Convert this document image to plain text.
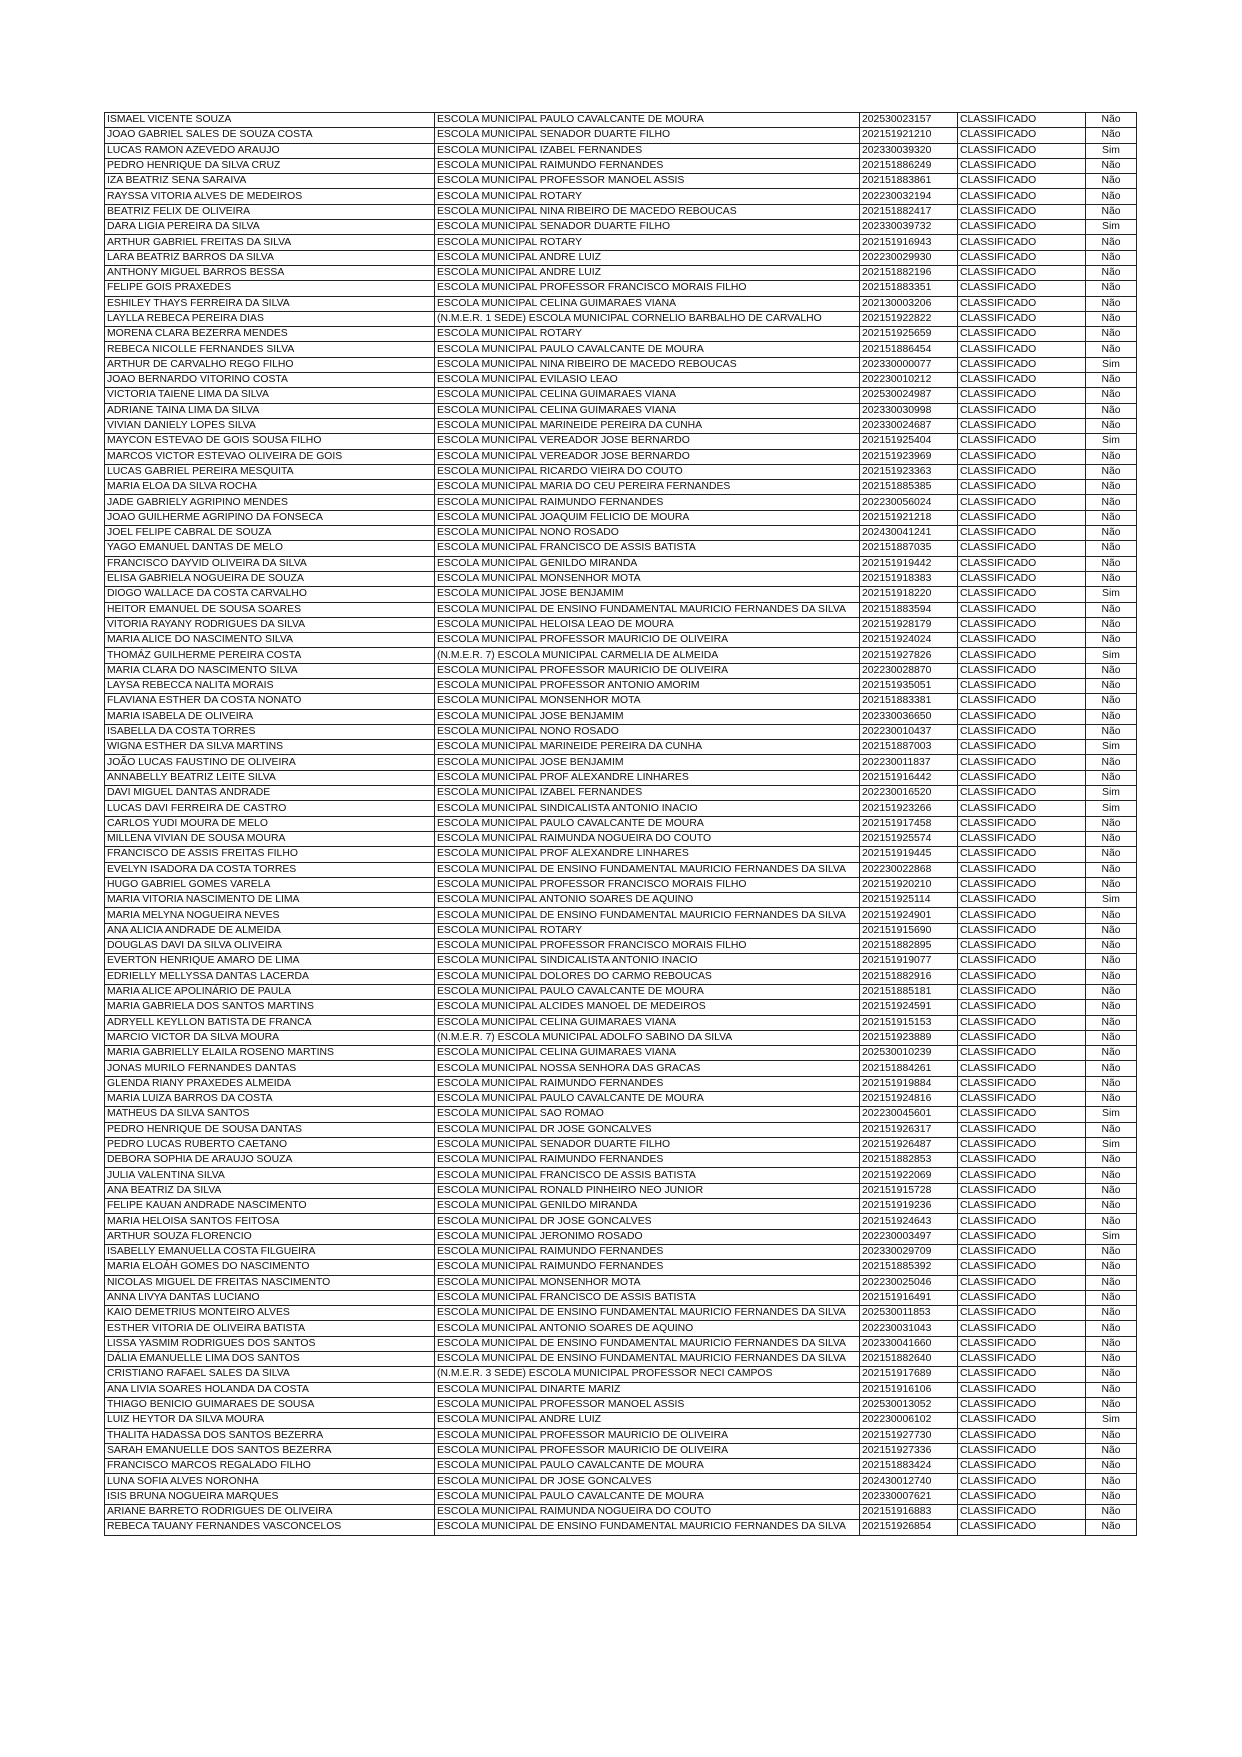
ISMAEL VICENTE SOUZA	ESCOLA MUNICIPAL PAULO CAVALCANTE DE MOURA	202530023157	CLASSIFICADO	Não
JOAO GABRIEL SALES DE SOUZA COSTA	ESCOLA MUNICIPAL SENADOR DUARTE FILHO	202151921210	CLASSIFICADO	Não
LUCAS RAMON AZEVEDO ARAUJO	ESCOLA MUNICIPAL IZABEL FERNANDES	202330039320	CLASSIFICADO	Sim
PEDRO HENRIQUE DA SILVA CRUZ	ESCOLA MUNICIPAL RAIMUNDO FERNANDES	202151886249	CLASSIFICADO	Não
IZA BEATRIZ SENA SARAIVA	ESCOLA MUNICIPAL PROFESSOR MANOEL ASSIS	202151883861	CLASSIFICADO	Não
RAYSSA VITORIA ALVES DE MEDEIROS	ESCOLA MUNICIPAL ROTARY	202230032194	CLASSIFICADO	Não
BEATRIZ FELIX DE OLIVEIRA	ESCOLA MUNICIPAL NINA RIBEIRO DE MACEDO REBOUCAS	202151882417	CLASSIFICADO	Não
DARA LIGIA PEREIRA DA SILVA	ESCOLA MUNICIPAL SENADOR DUARTE FILHO	202330039732	CLASSIFICADO	Sim
ARTHUR GABRIEL FREITAS DA SILVA	ESCOLA MUNICIPAL ROTARY	202151916943	CLASSIFICADO	Não
LARA BEATRIZ BARROS DA SILVA	ESCOLA MUNICIPAL ANDRE LUIZ	202230029930	CLASSIFICADO	Não
ANTHONY MIGUEL BARROS BESSA	ESCOLA MUNICIPAL ANDRE LUIZ	202151882196	CLASSIFICADO	Não
FELIPE GOIS PRAXEDES	ESCOLA MUNICIPAL PROFESSOR FRANCISCO MORAIS FILHO	202151883351	CLASSIFICADO	Não
ESHILEY THAYS FERREIRA DA SILVA	ESCOLA MUNICIPAL CELINA GUIMARAES VIANA	202130003206	CLASSIFICADO	Não
LAYLLA REBECA PEREIRA DIAS	(N.M.E.R. 1 SEDE) ESCOLA MUNICIPAL CORNELIO BARBALHO DE CARVALHO	202151922822	CLASSIFICADO	Não
MORENA CLARA BEZERRA MENDES	ESCOLA MUNICIPAL ROTARY	202151925659	CLASSIFICADO	Não
REBECA NICOLLE FERNANDES SILVA	ESCOLA MUNICIPAL PAULO CAVALCANTE DE MOURA	202151886454	CLASSIFICADO	Não
ARTHUR DE CARVALHO REGO FILHO	ESCOLA MUNICIPAL NINA RIBEIRO DE MACEDO REBOUCAS	202330000077	CLASSIFICADO	Sim
JOAO BERNARDO VITORINO COSTA	ESCOLA MUNICIPAL EVILASIO LEAO	202230010212	CLASSIFICADO	Não
VICTORIA TAIENE LIMA DA SILVA	ESCOLA MUNICIPAL CELINA GUIMARAES VIANA	202530024987	CLASSIFICADO	Não
ADRIANE TAINA LIMA DA SILVA	ESCOLA MUNICIPAL CELINA GUIMARAES VIANA	202330030998	CLASSIFICADO	Não
VIVIAN DANIELY LOPES SILVA	ESCOLA MUNICIPAL MARINEIDE PEREIRA DA CUNHA	202330024687	CLASSIFICADO	Não
MAYCON ESTEVAO DE GOIS SOUSA FILHO	ESCOLA MUNICIPAL VEREADOR JOSE BERNARDO	202151925404	CLASSIFICADO	Sim
MARCOS VICTOR ESTEVAO OLIVEIRA DE GOIS	ESCOLA MUNICIPAL VEREADOR JOSE BERNARDO	202151923969	CLASSIFICADO	Não
LUCAS GABRIEL PEREIRA MESQUITA	ESCOLA MUNICIPAL RICARDO VIEIRA DO COUTO	202151923363	CLASSIFICADO	Não
MARIA ELOA DA SILVA ROCHA	ESCOLA MUNICIPAL MARIA DO CEU PEREIRA FERNANDES	202151885385	CLASSIFICADO	Não
JADE GABRIELY AGRIPINO MENDES	ESCOLA MUNICIPAL RAIMUNDO FERNANDES	202230056024	CLASSIFICADO	Não
JOAO GUILHERME AGRIPINO DA FONSECA	ESCOLA MUNICIPAL JOAQUIM FELICIO DE MOURA	202151921218	CLASSIFICADO	Não
JOEL FELIPE CABRAL DE SOUZA	ESCOLA MUNICIPAL NONO ROSADO	202430041241	CLASSIFICADO	Não
YAGO EMANUEL DANTAS DE MELO	ESCOLA MUNICIPAL FRANCISCO DE ASSIS BATISTA	202151887035	CLASSIFICADO	Não
FRANCISCO DAYVID OLIVEIRA DA SILVA	ESCOLA MUNICIPAL GENILDO MIRANDA	202151919442	CLASSIFICADO	Não
ELISA GABRIELA NOGUEIRA DE SOUZA	ESCOLA MUNICIPAL MONSENHOR MOTA	202151918383	CLASSIFICADO	Não
DIOGO WALLACE DA COSTA CARVALHO	ESCOLA MUNICIPAL JOSE BENJAMIM	202151918220	CLASSIFICADO	Sim
HEITOR EMANUEL DE SOUSA SOARES	ESCOLA MUNICIPAL DE ENSINO FUNDAMENTAL MAURICIO FERNANDES DA SILVA	202151883594	CLASSIFICADO	Não
VITORIA RAYANY RODRIGUES DA SILVA	ESCOLA MUNICIPAL HELOISA LEAO DE MOURA	202151928179	CLASSIFICADO	Não
MARIA ALICE DO NASCIMENTO SILVA	ESCOLA MUNICIPAL PROFESSOR MAURICIO DE OLIVEIRA	202151924024	CLASSIFICADO	Não
THOMÁZ GUILHERME PEREIRA COSTA	(N.M.E.R. 7) ESCOLA MUNICIPAL CARMELIA DE ALMEIDA	202151927826	CLASSIFICADO	Sim
MARIA CLARA DO NASCIMENTO SILVA	ESCOLA MUNICIPAL PROFESSOR MAURICIO DE OLIVEIRA	202230028870	CLASSIFICADO	Não
LAYSA REBECCA NALITA MORAIS	ESCOLA MUNICIPAL PROFESSOR ANTONIO AMORIM	202151935051	CLASSIFICADO	Não
FLAVIANA ESTHER DA COSTA NONATO	ESCOLA MUNICIPAL MONSENHOR MOTA	202151883381	CLASSIFICADO	Não
MARIA ISABELA DE OLIVEIRA	ESCOLA MUNICIPAL JOSE BENJAMIM	202330036650	CLASSIFICADO	Não
ISABELLA DA COSTA TORRES	ESCOLA MUNICIPAL NONO ROSADO	202230010437	CLASSIFICADO	Não
WIGNA ESTHER DA SILVA MARTINS	ESCOLA MUNICIPAL MARINEIDE PEREIRA DA CUNHA	202151887003	CLASSIFICADO	Sim
JOÃO LUCAS FAUSTINO DE OLIVEIRA	ESCOLA MUNICIPAL JOSE BENJAMIM	202230011837	CLASSIFICADO	Não
ANNABELLY BEATRIZ LEITE SILVA	ESCOLA MUNICIPAL PROF ALEXANDRE LINHARES	202151916442	CLASSIFICADO	Não
DAVI MIGUEL DANTAS ANDRADE	ESCOLA MUNICIPAL IZABEL FERNANDES	202230016520	CLASSIFICADO	Sim
LUCAS DAVI FERREIRA DE CASTRO	ESCOLA MUNICIPAL SINDICALISTA ANTONIO INACIO	202151923266	CLASSIFICADO	Sim
CARLOS YUDI MOURA DE MELO	ESCOLA MUNICIPAL PAULO CAVALCANTE DE MOURA	202151917458	CLASSIFICADO	Não
MILLENA VIVIAN DE SOUSA MOURA	ESCOLA MUNICIPAL RAIMUNDA NOGUEIRA DO COUTO	202151925574	CLASSIFICADO	Não
FRANCISCO DE ASSIS FREITAS FILHO	ESCOLA MUNICIPAL PROF ALEXANDRE LINHARES	202151919445	CLASSIFICADO	Não
EVELYN ISADORA DA COSTA TORRES	ESCOLA MUNICIPAL DE ENSINO FUNDAMENTAL MAURICIO FERNANDES DA SILVA	202230022868	CLASSIFICADO	Não
HUGO GABRIEL GOMES VARELA	ESCOLA MUNICIPAL PROFESSOR FRANCISCO MORAIS FILHO	202151920210	CLASSIFICADO	Não
MARIA VITORIA NASCIMENTO DE LIMA	ESCOLA MUNICIPAL ANTONIO SOARES DE AQUINO	202151925114	CLASSIFICADO	Sim
MARIA MELYNA NOGUEIRA NEVES	ESCOLA MUNICIPAL DE ENSINO FUNDAMENTAL MAURICIO FERNANDES DA SILVA	202151924901	CLASSIFICADO	Não
ANA ALICIA ANDRADE DE ALMEIDA	ESCOLA MUNICIPAL ROTARY	202151915690	CLASSIFICADO	Não
DOUGLAS DAVI DA SILVA OLIVEIRA	ESCOLA MUNICIPAL PROFESSOR FRANCISCO MORAIS FILHO	202151882895	CLASSIFICADO	Não
EVERTON HENRIQUE AMARO DE LIMA	ESCOLA MUNICIPAL SINDICALISTA ANTONIO INACIO	202151919077	CLASSIFICADO	Não
EDRIELLY MELLYSSA DANTAS LACERDA	ESCOLA MUNICIPAL DOLORES DO CARMO REBOUCAS	202151882916	CLASSIFICADO	Não
MARIA ALICE APOLINÁRIO DE PAULA	ESCOLA MUNICIPAL PAULO CAVALCANTE DE MOURA	202151885181	CLASSIFICADO	Não
MARIA GABRIELA DOS SANTOS MARTINS	ESCOLA MUNICIPAL ALCIDES MANOEL DE MEDEIROS	202151924591	CLASSIFICADO	Não
ADRYELL KEYLLON BATISTA DE FRANCA	ESCOLA MUNICIPAL CELINA GUIMARAES VIANA	202151915153	CLASSIFICADO	Não
MARCIO VICTOR DA SILVA MOURA	(N.M.E.R. 7) ESCOLA MUNICIPAL ADOLFO SABINO DA SILVA	202151923889	CLASSIFICADO	Não
MARIA GABRIELLY ELAILA ROSENO MARTINS	ESCOLA MUNICIPAL CELINA GUIMARAES VIANA	202530010239	CLASSIFICADO	Não
JONAS MURILO FERNANDES DANTAS	ESCOLA MUNICIPAL NOSSA SENHORA DAS GRACAS	202151884261	CLASSIFICADO	Não
GLENDA RIANY PRAXEDES ALMEIDA	ESCOLA MUNICIPAL RAIMUNDO FERNANDES	202151919884	CLASSIFICADO	Não
MARIA LUIZA BARROS DA COSTA	ESCOLA MUNICIPAL PAULO CAVALCANTE DE MOURA	202151924816	CLASSIFICADO	Não
MATHEUS DA SILVA SANTOS	ESCOLA MUNICIPAL SAO ROMAO	202230045601	CLASSIFICADO	Sim
PEDRO HENRIQUE DE SOUSA DANTAS	ESCOLA MUNICIPAL DR JOSE GONCALVES	202151926317	CLASSIFICADO	Não
PEDRO LUCAS RUBERTO CAETANO	ESCOLA MUNICIPAL SENADOR DUARTE FILHO	202151926487	CLASSIFICADO	Sim
DEBORA SOPHIA DE ARAUJO SOUZA	ESCOLA MUNICIPAL RAIMUNDO FERNANDES	202151882853	CLASSIFICADO	Não
JULIA VALENTINA SILVA	ESCOLA MUNICIPAL FRANCISCO DE ASSIS BATISTA	202151922069	CLASSIFICADO	Não
ANA BEATRIZ DA SILVA	ESCOLA MUNICIPAL RONALD PINHEIRO NEO JUNIOR	202151915728	CLASSIFICADO	Não
FELIPE KAUAN ANDRADE NASCIMENTO	ESCOLA MUNICIPAL GENILDO MIRANDA	202151919236	CLASSIFICADO	Não
MARIA HELOISA SANTOS FEITOSA	ESCOLA MUNICIPAL DR JOSE GONCALVES	202151924643	CLASSIFICADO	Não
ARTHUR SOUZA FLORENCIO	ESCOLA MUNICIPAL JERONIMO ROSADO	202230003497	CLASSIFICADO	Sim
ISABELLY EMANUELLA COSTA FILGUEIRA	ESCOLA MUNICIPAL RAIMUNDO FERNANDES	202330029709	CLASSIFICADO	Não
MARIA ELOÁH GOMES DO NASCIMENTO	ESCOLA MUNICIPAL RAIMUNDO FERNANDES	202151885392	CLASSIFICADO	Não
NICOLAS MIGUEL DE FREITAS NASCIMENTO	ESCOLA MUNICIPAL MONSENHOR MOTA	202230025046	CLASSIFICADO	Não
ANNA LIVYA DANTAS LUCIANO	ESCOLA MUNICIPAL FRANCISCO DE ASSIS BATISTA	202151916491	CLASSIFICADO	Não
KAIO DEMETRIUS MONTEIRO ALVES	ESCOLA MUNICIPAL DE ENSINO FUNDAMENTAL MAURICIO FERNANDES DA SILVA	202530011853	CLASSIFICADO	Não
ESTHER VITORIA DE OLIVEIRA BATISTA	ESCOLA MUNICIPAL ANTONIO SOARES DE AQUINO	202230031043	CLASSIFICADO	Não
LISSA YASMIM RODRIGUES DOS SANTOS	ESCOLA MUNICIPAL DE ENSINO FUNDAMENTAL MAURICIO FERNANDES DA SILVA	202330041660	CLASSIFICADO	Não
DÁLIA EMANUELLE LIMA DOS SANTOS	ESCOLA MUNICIPAL DE ENSINO FUNDAMENTAL MAURICIO FERNANDES DA SILVA	202151882640	CLASSIFICADO	Não
CRISTIANO RAFAEL SALES DA SILVA	(N.M.E.R. 3 SEDE) ESCOLA MUNICIPAL PROFESSOR NECI CAMPOS	202151917689	CLASSIFICADO	Não
ANA LIVIA SOARES HOLANDA DA COSTA	ESCOLA MUNICIPAL DINARTE MARIZ	202151916106	CLASSIFICADO	Não
THIAGO BENICIO GUIMARAES DE SOUSA	ESCOLA MUNICIPAL PROFESSOR MANOEL ASSIS	202530013052	CLASSIFICADO	Não
LUIZ HEYTOR DA SILVA MOURA	ESCOLA MUNICIPAL ANDRE LUIZ	202230006102	CLASSIFICADO	Sim
THALITA HADASSA DOS SANTOS BEZERRA	ESCOLA MUNICIPAL PROFESSOR MAURICIO DE OLIVEIRA	202151927730	CLASSIFICADO	Não
SARAH EMANUELLE DOS SANTOS BEZERRA	ESCOLA MUNICIPAL PROFESSOR MAURICIO DE OLIVEIRA	202151927336	CLASSIFICADO	Não
FRANCISCO MARCOS REGALADO FILHO	ESCOLA MUNICIPAL PAULO CAVALCANTE DE MOURA	202151883424	CLASSIFICADO	Não
LUNA SOFIA ALVES NORONHA	ESCOLA MUNICIPAL DR JOSE GONCALVES	202430012740	CLASSIFICADO	Não
ISIS BRUNA NOGUEIRA MARQUES	ESCOLA MUNICIPAL PAULO CAVALCANTE DE MOURA	202330007621	CLASSIFICADO	Não
ARIANE BARRETO RODRIGUES DE OLIVEIRA	ESCOLA MUNICIPAL RAIMUNDA NOGUEIRA DO COUTO	202151916883	CLASSIFICADO	Não
REBECA TAUANY FERNANDES VASCONCELOS	ESCOLA MUNICIPAL DE ENSINO FUNDAMENTAL MAURICIO FERNANDES DA SILVA	202151926854	CLASSIFICADO	Não
